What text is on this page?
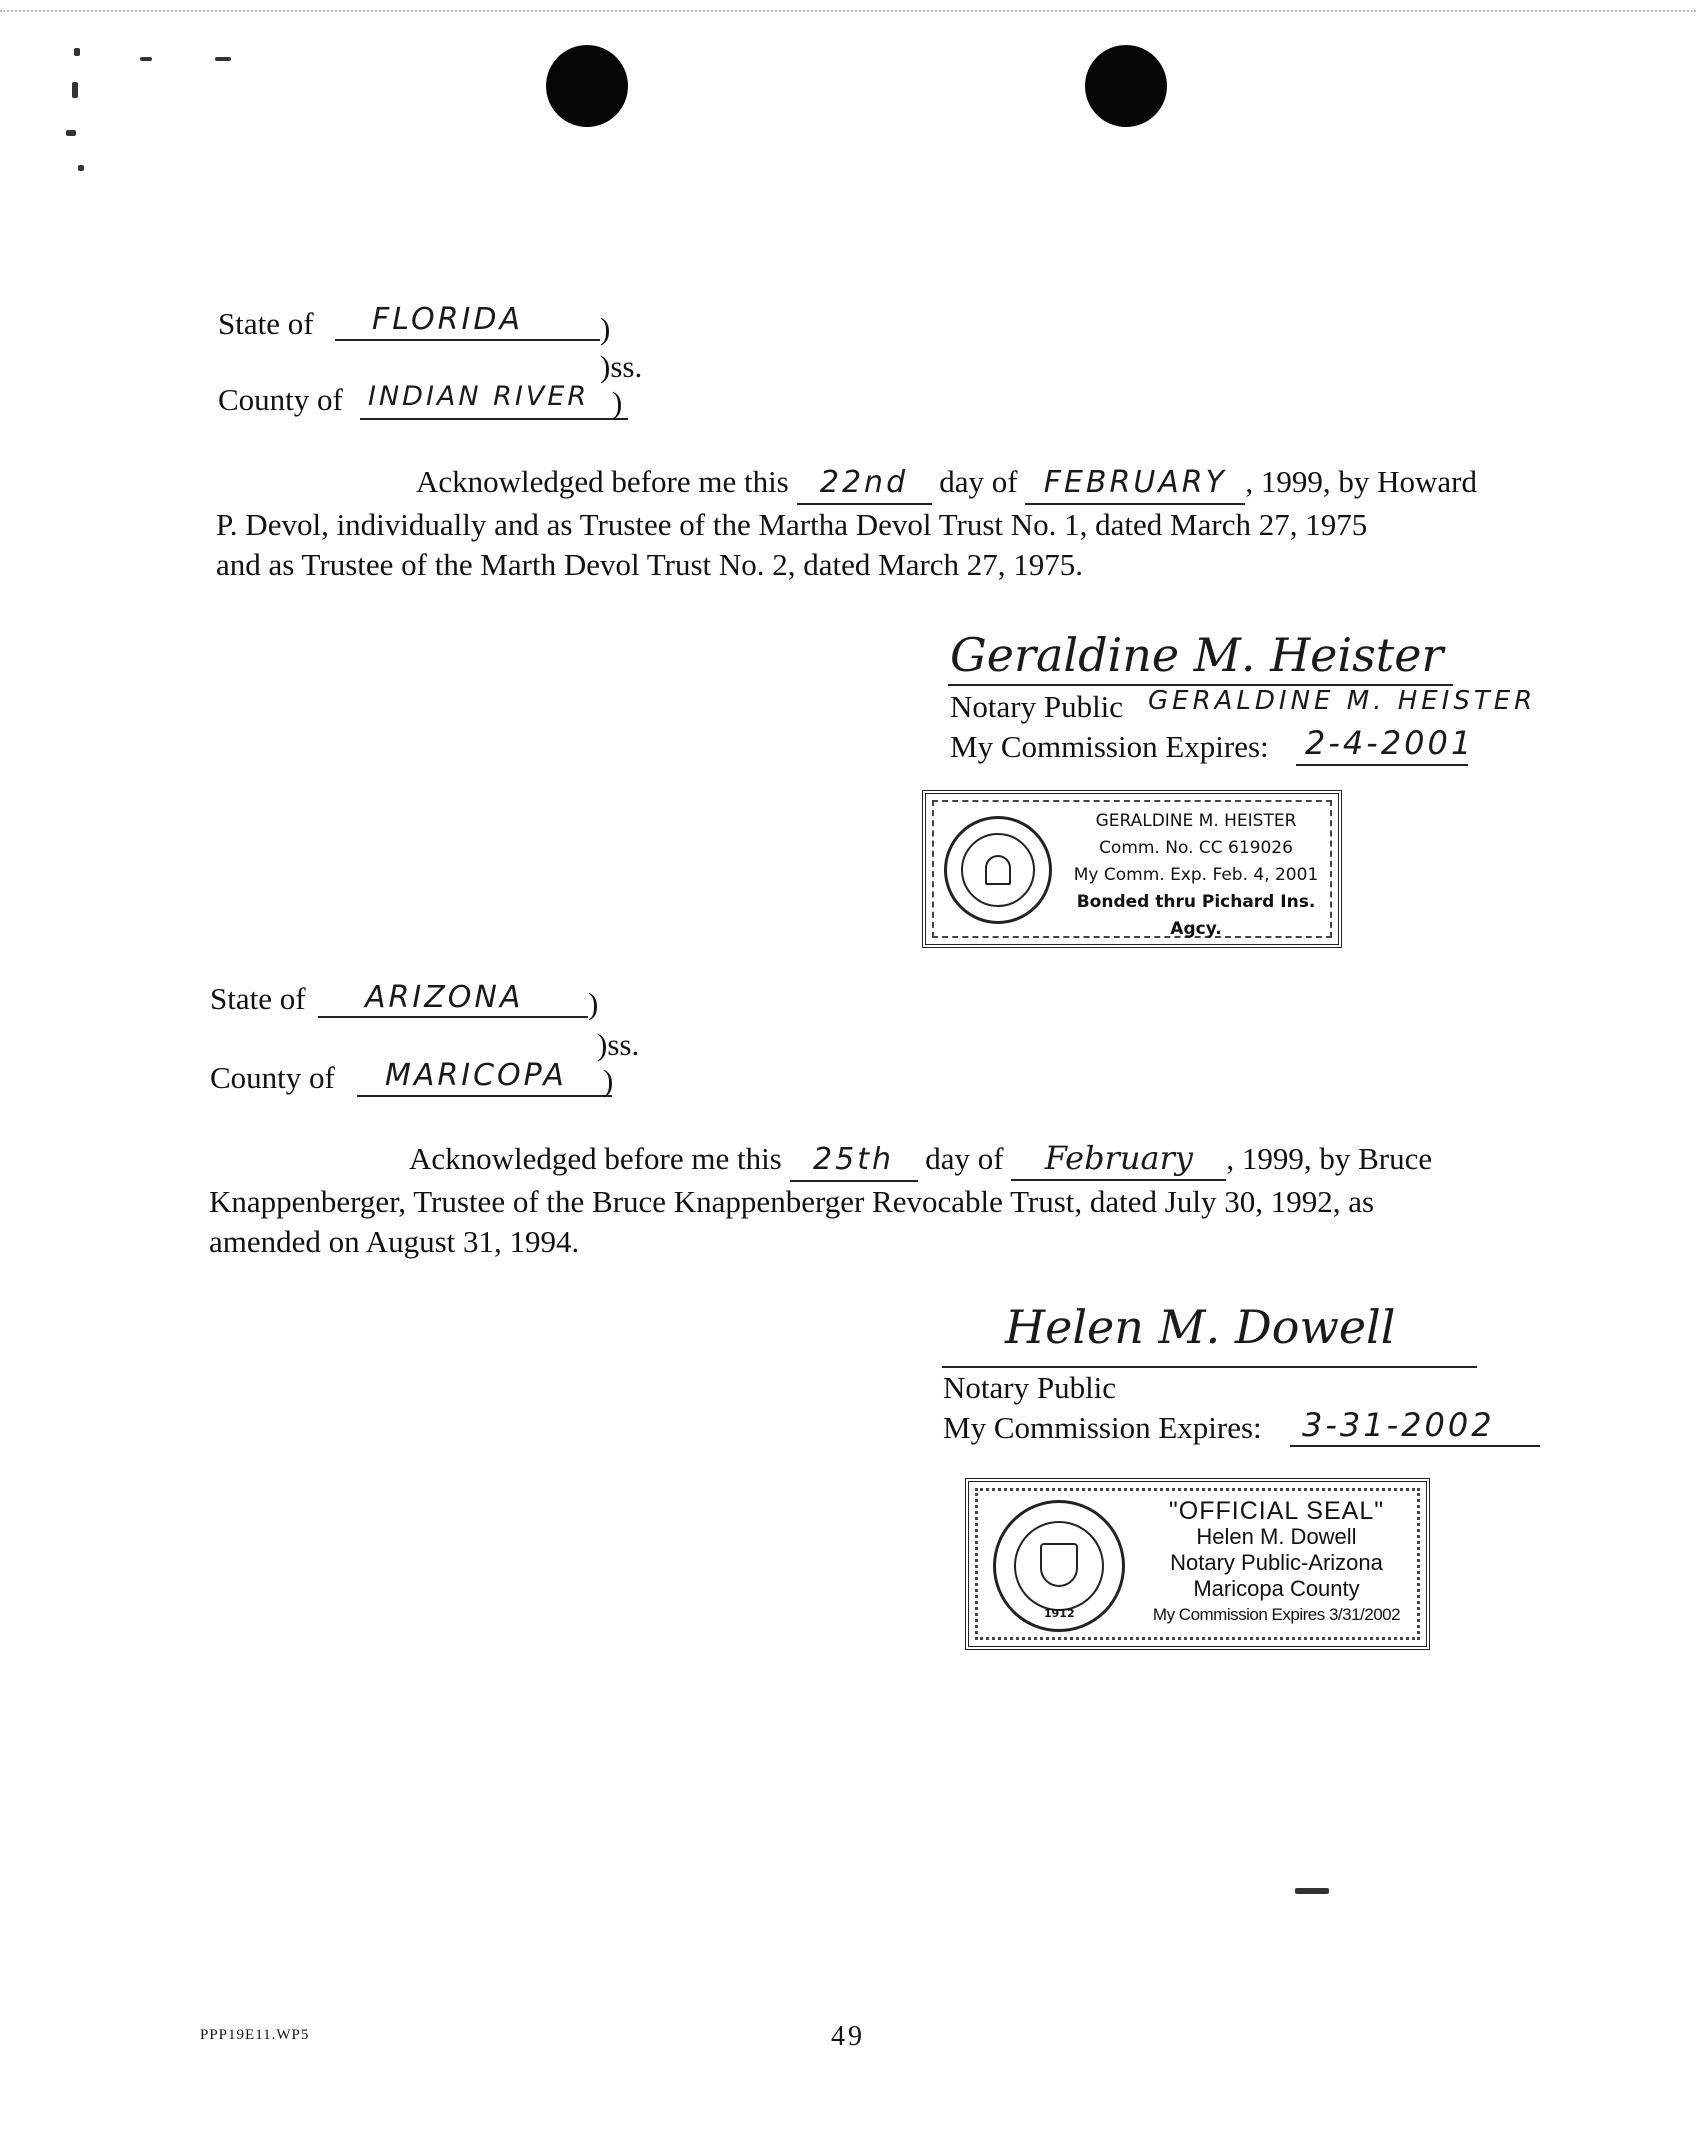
State of FLORIDA )
)ss.
County of INDIAN RIVER )

Acknowledged before me this 22nd day of FEBRUARY , 1999, by Howard

P. Devol, individually and as Trustee of the Martha Devol Trust No. 1, dated March 27, 1975

and as Trustee of the Marth Devol Trust No. 2, dated March 27, 1975.

Geraldine M. Heister
Notary Public GERALDINE M. HEISTER
My Commission Expires: 2-4-2001
GERALDINE M. HEISTER
Comm. No. CC 619026
My Comm. Exp. Feb. 4, 2001
Bonded thru Pichard Ins. Agcy.
State of ARIZONA )
)ss.
County of MARICOPA )

Acknowledged before me this 25th day of February , 1999, by Bruce

Knappenberger, Trustee of the Bruce Knappenberger Revocable Trust, dated July 30, 1992, as

amended on August 31, 1994.

Helen M. Dowell
Notary Public
My Commission Expires: 3-31-2002
1912
"OFFICIAL SEAL"
Helen M. Dowell
Notary Public-Arizona
Maricopa County
My Commission Expires 3/31/2002
PPP19E11.WP5	49
